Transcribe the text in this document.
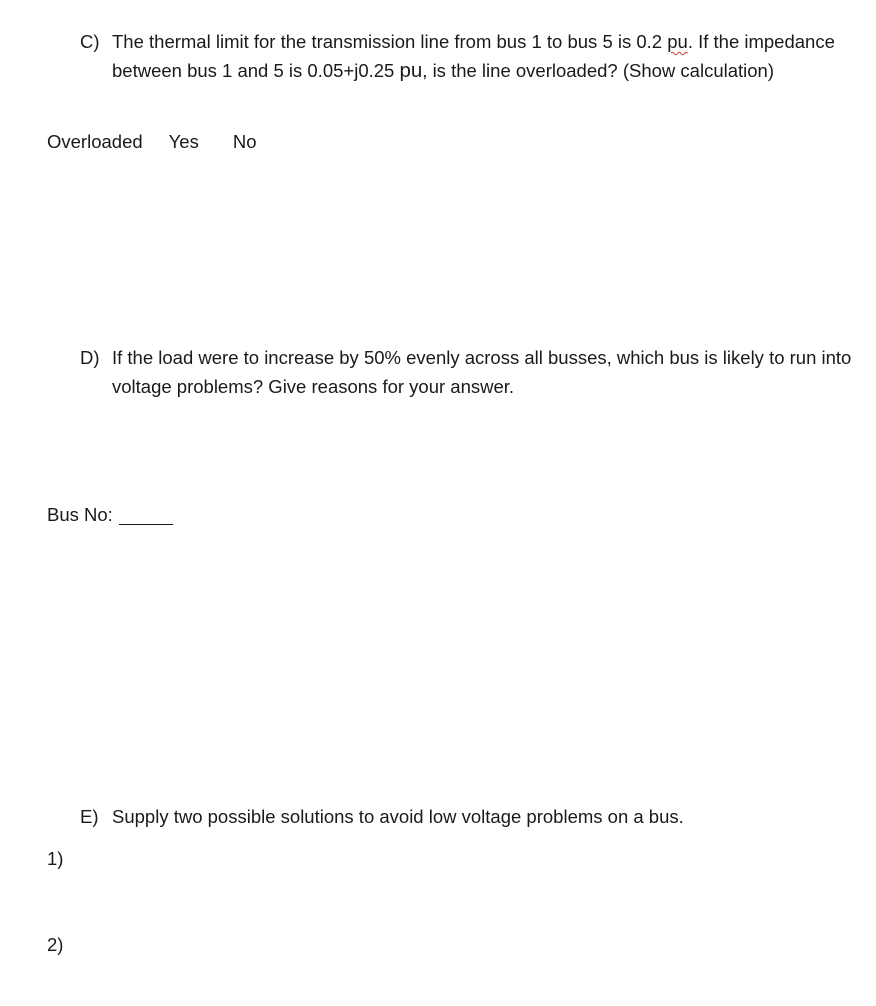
C) The thermal limit for the transmission line from bus 1 to bus 5 is 0.2 pu. If the impedance between bus 1 and 5 is 0.05+j0.25 pu, is the line overloaded? (Show calculation)
Overloaded Yes No
D) If the load were to increase by 50% evenly across all busses, which bus is likely to run into voltage problems? Give reasons for your answer.
Bus No:
E) Supply two possible solutions to avoid low voltage problems on a bus.
1)
2)
